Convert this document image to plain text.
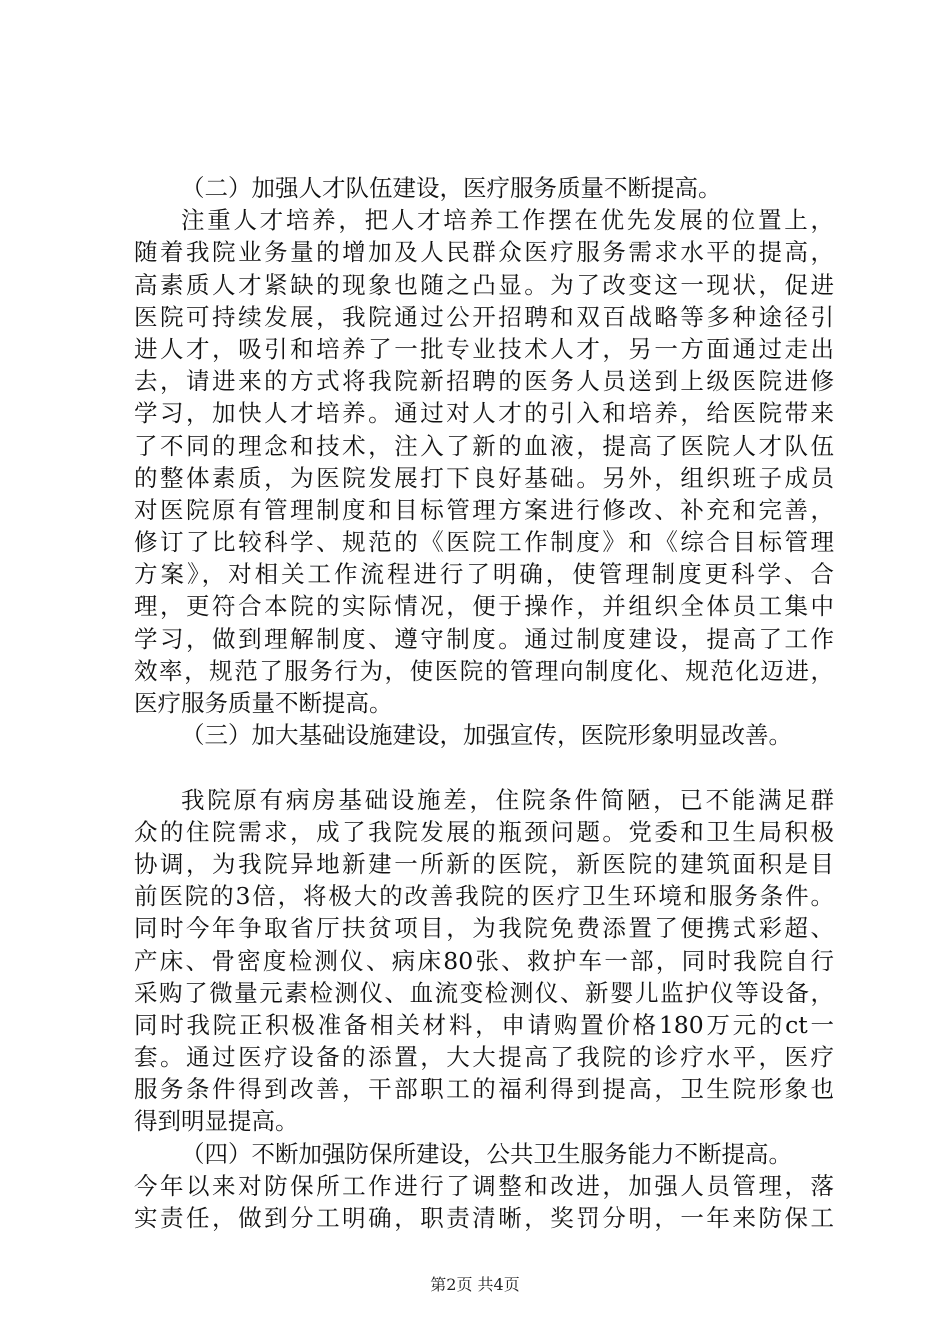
（二）加强人才队伍建设，医疗服务质量不断提高。
注重人才培养，把人才培养工作摆在优先发展的位置上，
随着我院业务量的增加及人民群众医疗服务需求水平的提高，
高素质人才紧缺的现象也随之凸显。为了改变这一现状，促进
医院可持续发展，我院通过公开招聘和双百战略等多种途径引
进人才，吸引和培养了一批专业技术人才，另一方面通过走出
去，请进来的方式将我院新招聘的医务人员送到上级医院进修
学习，加快人才培养。通过对人才的引入和培养，给医院带来
了不同的理念和技术，注入了新的血液，提高了医院人才队伍
的整体素质，为医院发展打下良好基础。另外，组织班子成员
对医院原有管理制度和目标管理方案进行修改、补充和完善，
修订了比较科学、规范的《医院工作制度》和《综合目标管理
方案》，对相关工作流程进行了明确，使管理制度更科学、合
理，更符合本院的实际情况，便于操作，并组织全体员工集中
学习，做到理解制度、遵守制度。通过制度建设，提高了工作
效率，规范了服务行为，使医院的管理向制度化、规范化迈进，
医疗服务质量不断提高。
（三）加大基础设施建设，加强宣传，医院形象明显改善。
我院原有病房基础设施差，住院条件简陋，已不能满足群
众的住院需求，成了我院发展的瓶颈问题。党委和卫生局积极
协调，为我院异地新建一所新的医院，新医院的建筑面积是目
前医院的3倍，将极大的改善我院的医疗卫生环境和服务条件。
同时今年争取省厅扶贫项目，为我院免费添置了便携式彩超、
产床、骨密度检测仪、病床80张、救护车一部，同时我院自行
采购了微量元素检测仪、血流变检测仪、新婴儿监护仪等设备，
同时我院正积极准备相关材料，申请购置价格180万元的ct一
套。通过医疗设备的添置，大大提高了我院的诊疗水平，医疗
服务条件得到改善，干部职工的福利得到提高，卫生院形象也
得到明显提高。
（四）不断加强防保所建设，公共卫生服务能力不断提高。
今年以来对防保所工作进行了调整和改进，加强人员管理，落
实责任，做到分工明确，职责清晰，奖罚分明，一年来防保工
第2页 共4页
